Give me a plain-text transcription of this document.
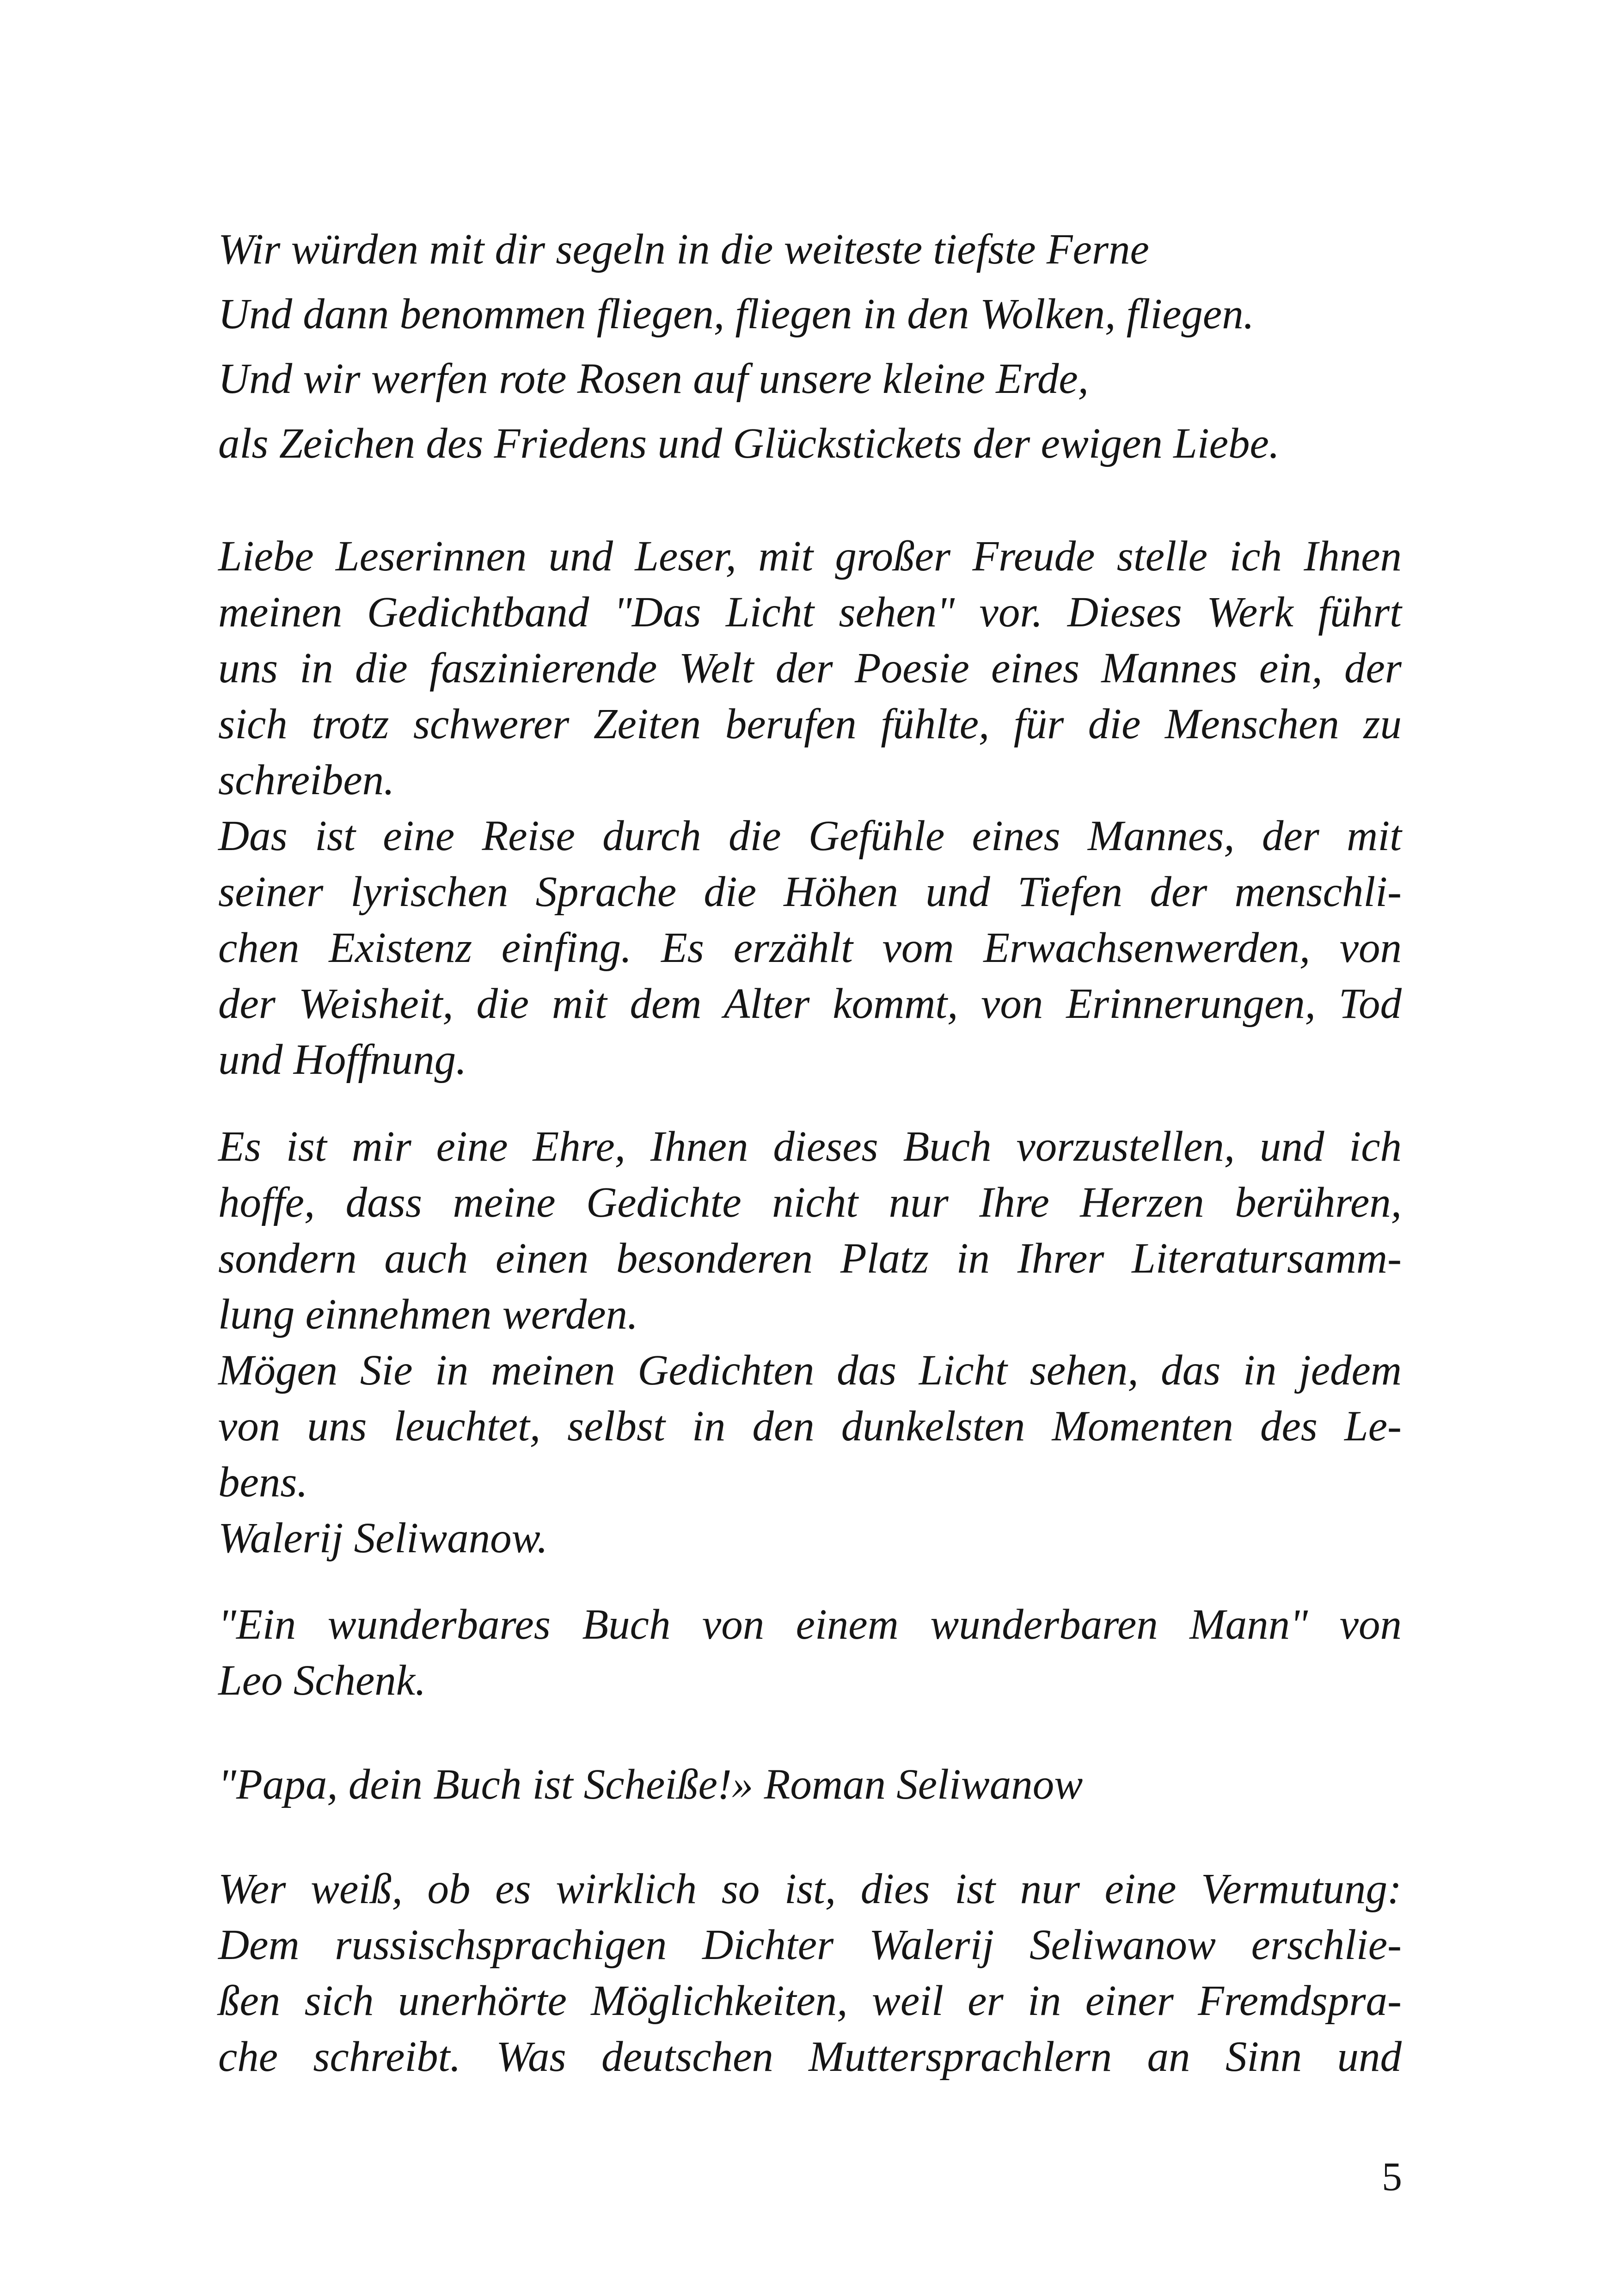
Wir würden mit dir segeln in die weiteste tiefste Ferne
Und dann benommen fliegen, fliegen in den Wolken, fliegen.
Und wir werfen rote Rosen auf unsere kleine Erde,
als Zeichen des Friedens und Glückstickets der ewigen Liebe.
Liebe Leserinnen und Leser, mit großer Freude stelle ich Ihnen
meinen Gedichtband "Das Licht sehen" vor. Dieses Werk führt
uns in die faszinierende Welt der Poesie eines Mannes ein, der
sich trotz schwerer Zeiten berufen fühlte, für die Menschen zu
schreiben.
Das ist eine Reise durch die Gefühle eines Mannes, der mit
seiner lyrischen Sprache die Höhen und Tiefen der menschli-
chen Existenz einfing. Es erzählt vom Erwachsenwerden, von
der Weisheit, die mit dem Alter kommt, von Erinnerungen, Tod
und Hoffnung.
Es ist mir eine Ehre, Ihnen dieses Buch vorzustellen, und ich
hoffe, dass meine Gedichte nicht nur Ihre Herzen berühren,
sondern auch einen besonderen Platz in Ihrer Literatursamm-
lung einnehmen werden.
Mögen Sie in meinen Gedichten das Licht sehen, das in jedem
von uns leuchtet, selbst in den dunkelsten Momenten des Le-
bens.
Walerij Seliwanow.
"Ein wunderbares Buch von einem wunderbaren Mann" von
Leo Schenk.
"Papa, dein Buch ist Scheiße!» Roman Seliwanow
Wer weiß, ob es wirklich so ist, dies ist nur eine Vermutung:
Dem russischsprachigen Dichter Walerij Seliwanow erschlie-
ßen sich unerhörte Möglichkeiten, weil er in einer Fremdspra-
che schreibt. Was deutschen Muttersprachlern an Sinn und
5
